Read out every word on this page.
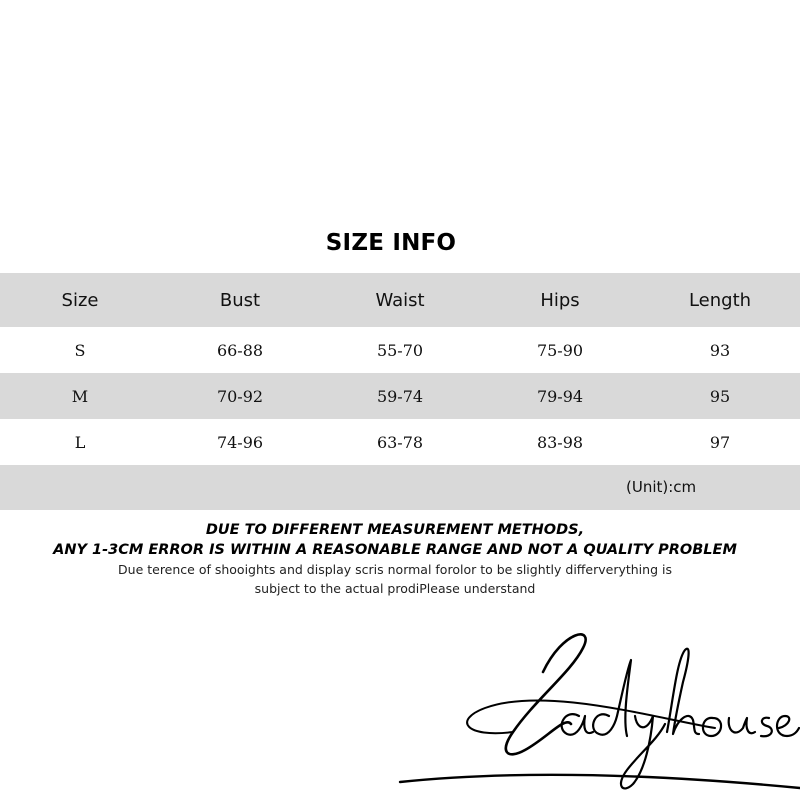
SIZE INFO
Size	Bust	Waist	Hips	Length
S	66-88	55-70	75-90	93
M	70-92	59-74	79-94	95
L	74-96	63-78	83-98	97
(Unit):cm
DUE TO DIFFERENT MEASUREMENT METHODS,
ANY 1-3CM ERROR IS WITHIN A REASONABLE RANGE AND NOT A QUALITY PROBLEM
Due terence of shooights and display scris normal forolor to be slightly differverything is
subject to the actual prodiPlease understand
